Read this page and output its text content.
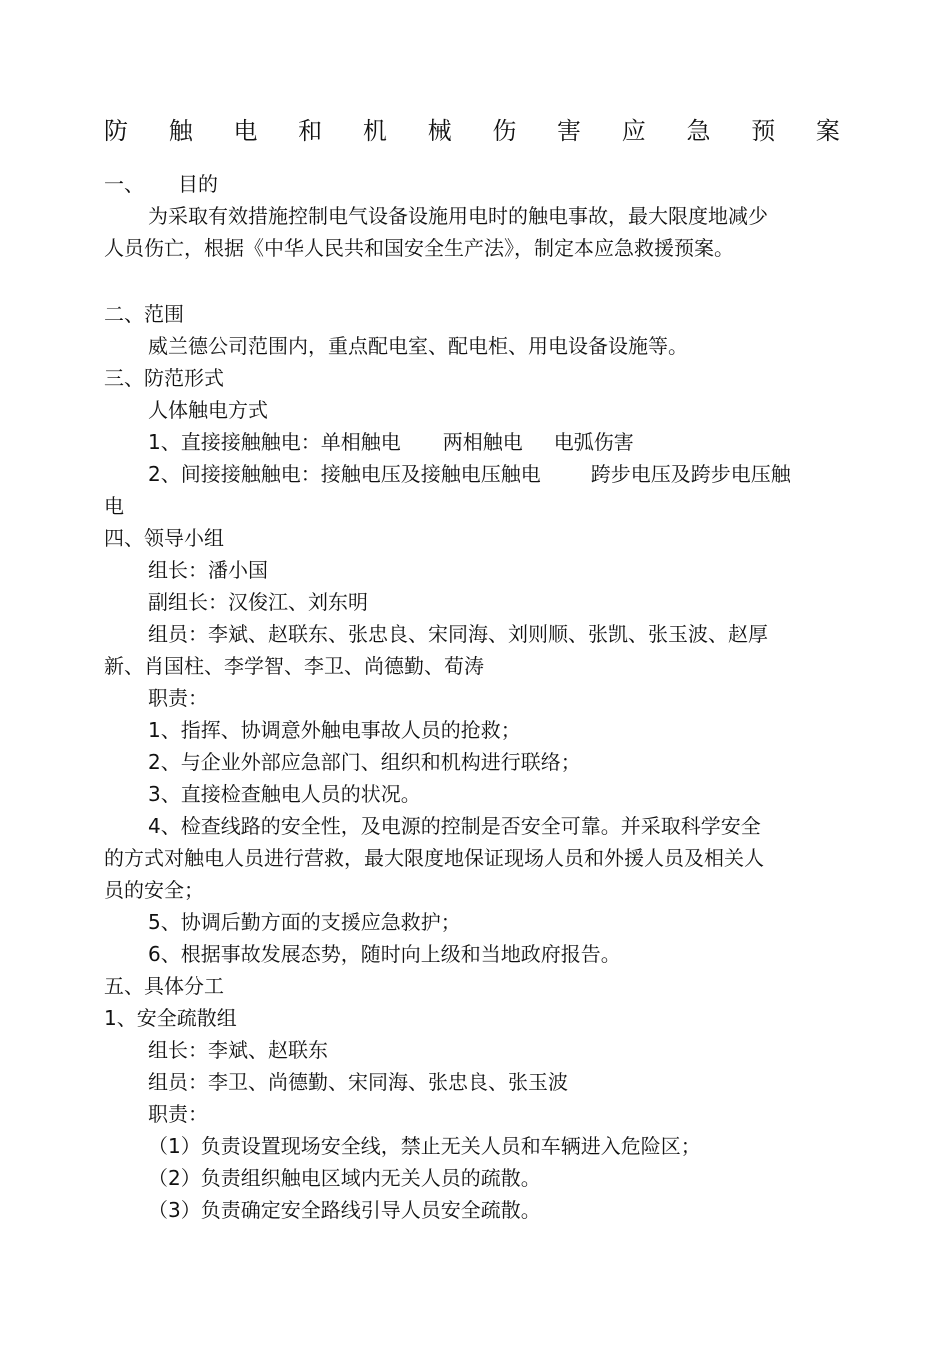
防 触 电 和 机 械 伤 害 应 急 预 案
一、 目的
为采取有效措施控制电气设备设施用电时的触电事故，最大限度地减少
人员伤亡，根据《中华人民共和国安全生产法》，制定本应急救援预案。
二、范围
威兰德公司范围内，重点配电室、配电柜、用电设备设施等。
三、防范形式
人体触电方式
1、直接接触触电：单相触电 两相触电 电弧伤害
2、间接接触触电：接触电压及接触电压触电	跨步电压及跨步电压触
电
四、领导小组
组长：潘小国
副组长：汉俊江、刘东明
组员：李斌、赵联东、张忠良、宋同海、刘则顺、张凯、张玉波、赵厚
新、肖国柱、李学智、李卫、尚德勤、荀涛
职责：
1、指挥、协调意外触电事故人员的抢救；
2、与企业外部应急部门、组织和机构进行联络；
3、直接检查触电人员的状况。
4、检查线路的安全性，及电源的控制是否安全可靠。并采取科学安全
的方式对触电人员进行营救，最大限度地保证现场人员和外援人员及相关人
员的安全；
5、协调后勤方面的支援应急救护；
6、根据事故发展态势，随时向上级和当地政府报告。
五、具体分工
1、安全疏散组
组长：李斌、赵联东
组员：李卫、尚德勤、宋同海、张忠良、张玉波
职责：
（1）负责设置现场安全线，禁止无关人员和车辆进入危险区；
（2）负责组织触电区域内无关人员的疏散。
（3）负责确定安全路线引导人员安全疏散。
